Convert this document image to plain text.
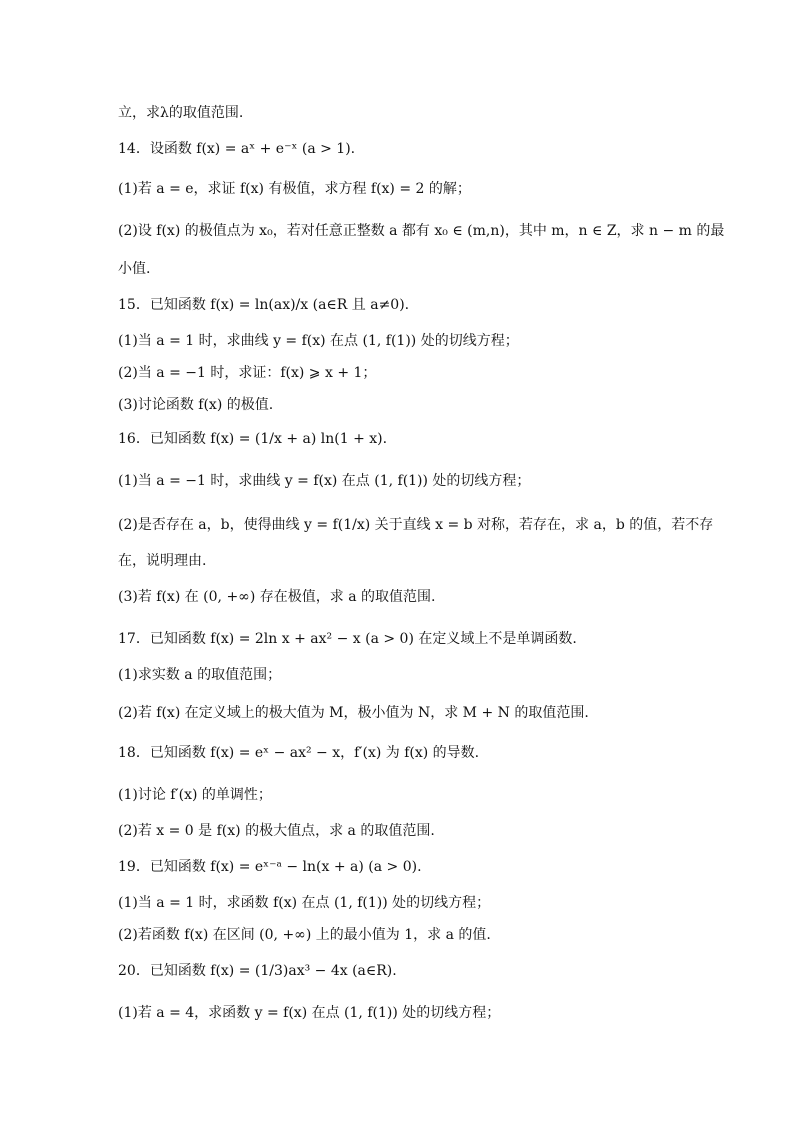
立，求λ的取值范围.
14．设函数 f(x) = aˣ + e⁻ˣ (a > 1).
(1)若 a = e，求证 f(x) 有极值，求方程 f(x) = 2 的解；
(2)设 f(x) 的极值点为 x₀，若对任意正整数 a 都有 x₀ ∈ (m,n)，其中 m，n ∈ Z，求 n − m 的最
小值.
15．已知函数 f(x) = ln(ax)/x (a∈R 且 a≠0).
(1)当 a = 1 时，求曲线 y = f(x) 在点 (1, f(1)) 处的切线方程；
(2)当 a = −1 时，求证：f(x) ⩾ x + 1；
(3)讨论函数 f(x) 的极值.
16．已知函数 f(x) = (1/x + a) ln(1 + x).
(1)当 a = −1 时，求曲线 y = f(x) 在点 (1, f(1)) 处的切线方程；
(2)是否存在 a，b，使得曲线 y = f(1/x) 关于直线 x = b 对称，若存在，求 a，b 的值，若不存
在，说明理由.
(3)若 f(x) 在 (0, +∞) 存在极值，求 a 的取值范围.
17．已知函数 f(x) = 2ln x + ax² − x (a > 0) 在定义域上不是单调函数.
(1)求实数 a 的取值范围；
(2)若 f(x) 在定义域上的极大值为 M，极小值为 N，求 M + N 的取值范围.
18．已知函数 f(x) = eˣ − ax² − x，f′(x) 为 f(x) 的导数.
(1)讨论 f′(x) 的单调性；
(2)若 x = 0 是 f(x) 的极大值点，求 a 的取值范围.
19．已知函数 f(x) = eˣ⁻ᵃ − ln(x + a) (a > 0).
(1)当 a = 1 时，求函数 f(x) 在点 (1, f(1)) 处的切线方程；
(2)若函数 f(x) 在区间 (0, +∞) 上的最小值为 1，求 a 的值.
20．已知函数 f(x) = (1/3)ax³ − 4x (a∈R).
(1)若 a = 4，求函数 y = f(x) 在点 (1, f(1)) 处的切线方程；
